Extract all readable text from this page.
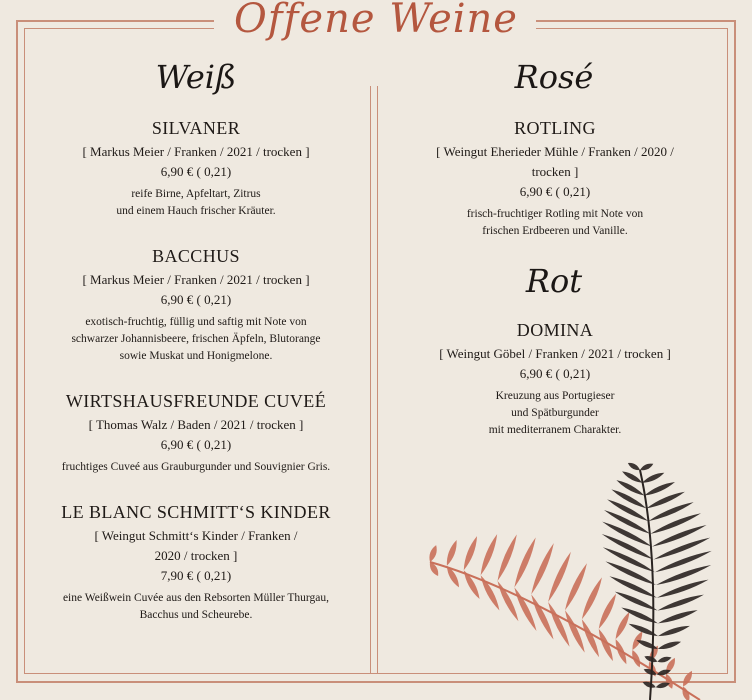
Offene Weine
Weiß	Rosé
Rot
SILVANER
[ Markus Meier / Franken / 2021 / trocken ]
6,90 € ( 0,21)
reife Birne, Apfeltart, Zitrus
und einem Hauch frischer Kräuter.
BACCHUS
[ Markus Meier / Franken / 2021 / trocken ]
6,90 € ( 0,21)
exotisch-fruchtig, füllig und saftig mit Note von
schwarzer Johannisbeere, frischen Äpfeln, Blutorange
sowie Muskat und Honigmelone.
WIRTSHAUSFREUNDE CUVEÉ
[ Thomas Walz / Baden / 2021 / trocken ]
6,90 € ( 0,21)
fruchtiges Cuveé aus Grauburgunder und Souvignier Gris.
LE BLANC SCHMITT‘S KINDER
[ Weingut Schmitt‘s Kinder / Franken /
2020 / trocken ]
7,90 € ( 0,21)
eine Weißwein Cuvée aus den Rebsorten Müller Thurgau,
Bacchus und Scheurebe.
ROTLING
[ Weingut Eherieder Mühle / Franken / 2020 /
trocken ]
6,90 € ( 0,21)
frisch-fruchtiger Rotling mit Note von
frischen Erdbeeren und Vanille.
DOMINA
[ Weingut Göbel / Franken / 2021 / trocken ]
6,90 € ( 0,21)
Kreuzung aus Portugieser
und Spätburgunder
mit mediterranem Charakter.
